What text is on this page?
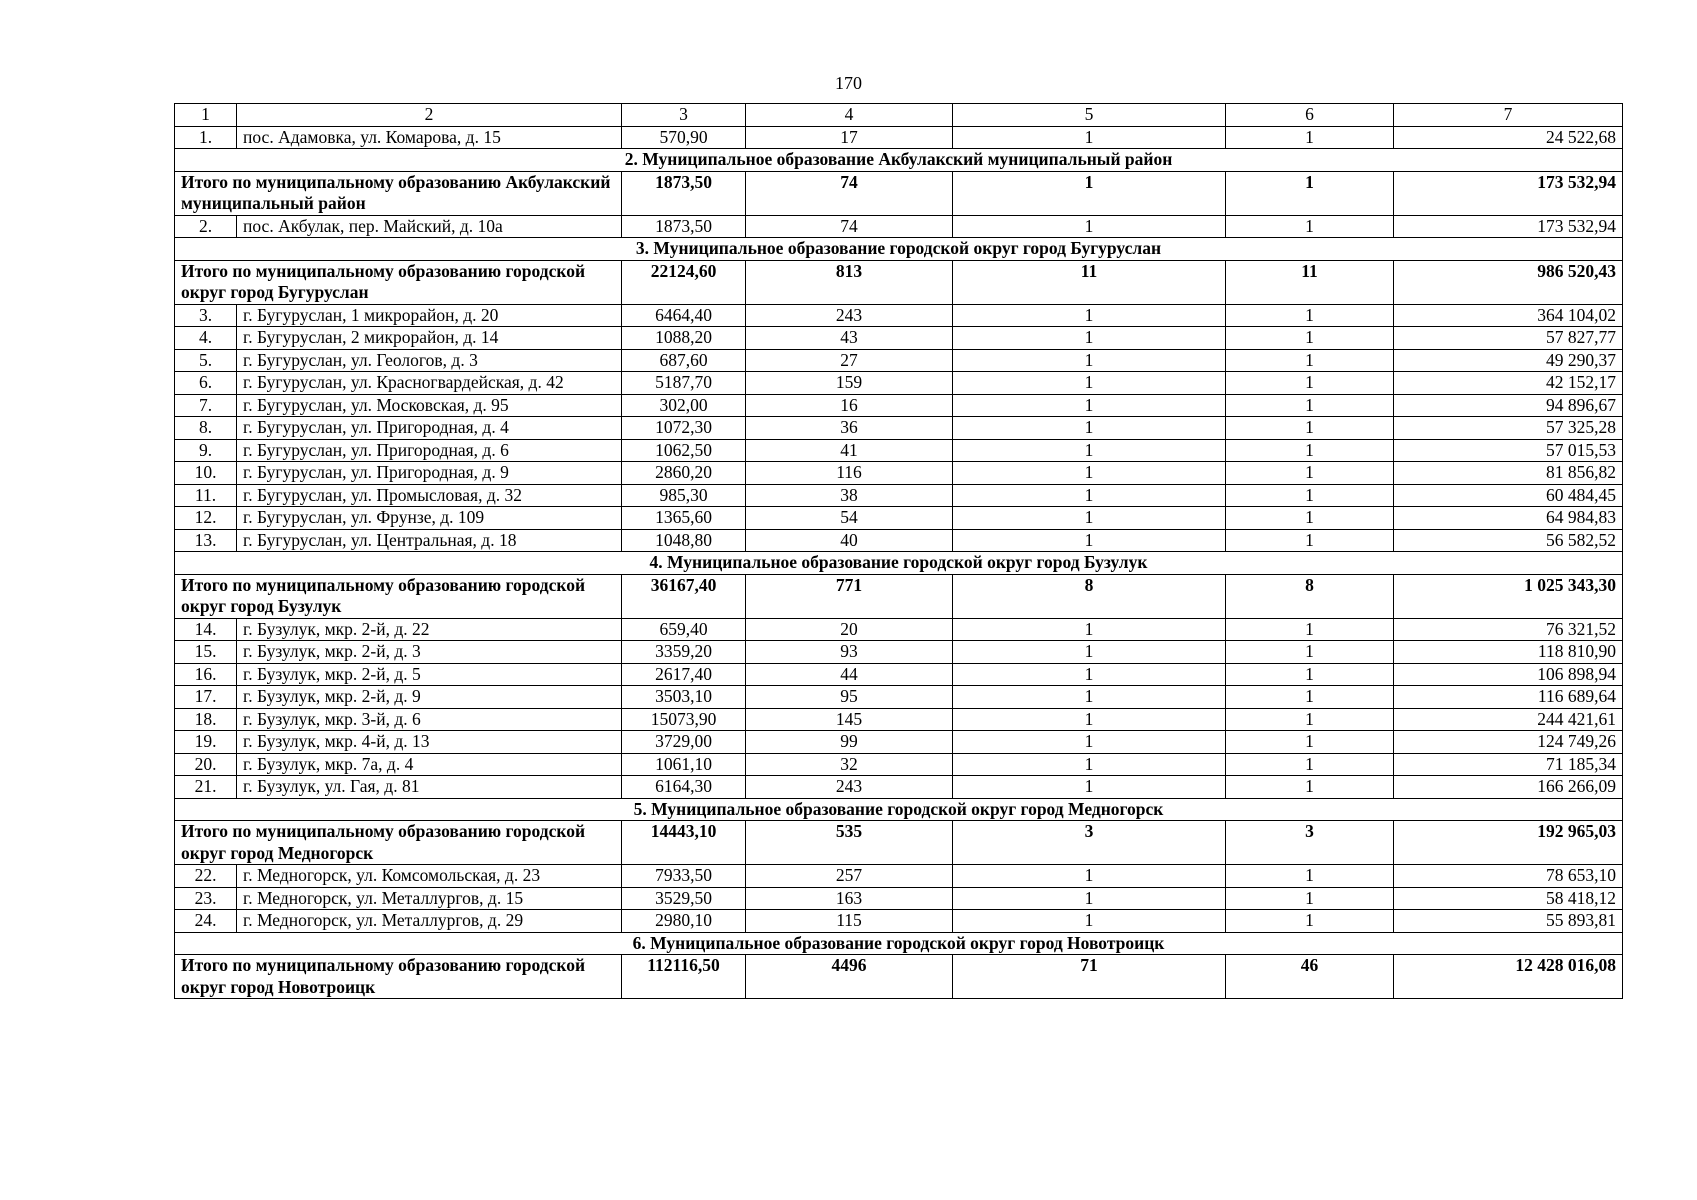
170
1	2	3	4	5	6	7
1.	пос. Адамовка, ул. Комарова, д. 15	570,90	17	1	1	24 522,68
2. Муниципальное образование Акбулакский муниципальный район						
Итого по муниципальному образованию Акбулакский муниципальный район		1873,50	74	1	1	173 532,94
2.	пос. Акбулак, пер. Майский, д. 10а	1873,50	74	1	1	173 532,94
3. Муниципальное образование городской округ город Бугуруслан						
Итого по муниципальному образованию городской округ город Бугуруслан		22124,60	813	11	11	986 520,43
3.	г. Бугуруслан, 1 микрорайон, д. 20	6464,40	243	1	1	364 104,02
4.	г. Бугуруслан, 2 микрорайон, д. 14	1088,20	43	1	1	57 827,77
5.	г. Бугуруслан, ул. Геологов, д. 3	687,60	27	1	1	49 290,37
6.	г. Бугуруслан, ул. Красногвардейская, д. 42	5187,70	159	1	1	42 152,17
7.	г. Бугуруслан, ул. Московская, д. 95	302,00	16	1	1	94 896,67
8.	г. Бугуруслан, ул. Пригородная, д. 4	1072,30	36	1	1	57 325,28
9.	г. Бугуруслан, ул. Пригородная, д. 6	1062,50	41	1	1	57 015,53
10.	г. Бугуруслан, ул. Пригородная, д. 9	2860,20	116	1	1	81 856,82
11.	г. Бугуруслан, ул. Промысловая, д. 32	985,30	38	1	1	60 484,45
12.	г. Бугуруслан, ул. Фрунзе, д. 109	1365,60	54	1	1	64 984,83
13.	г. Бугуруслан, ул. Центральная, д. 18	1048,80	40	1	1	56 582,52
4. Муниципальное образование городской округ город Бузулук						
Итого по муниципальному образованию городской округ город Бузулук		36167,40	771	8	8	1 025 343,30
14.	г. Бузулук, мкр. 2-й, д. 22	659,40	20	1	1	76 321,52
15.	г. Бузулук, мкр. 2-й, д. 3	3359,20	93	1	1	118 810,90
16.	г. Бузулук, мкр. 2-й, д. 5	2617,40	44	1	1	106 898,94
17.	г. Бузулук, мкр. 2-й, д. 9	3503,10	95	1	1	116 689,64
18.	г. Бузулук, мкр. 3-й, д. 6	15073,90	145	1	1	244 421,61
19.	г. Бузулук, мкр. 4-й, д. 13	3729,00	99	1	1	124 749,26
20.	г. Бузулук, мкр. 7а, д. 4	1061,10	32	1	1	71 185,34
21.	г. Бузулук, ул. Гая, д. 81	6164,30	243	1	1	166 266,09
5. Муниципальное образование городской округ город Медногорск						
Итого по муниципальному образованию городской округ город Медногорск		14443,10	535	3	3	192 965,03
22.	г. Медногорск, ул. Комсомольская, д. 23	7933,50	257	1	1	78 653,10
23.	г. Медногорск, ул. Металлургов, д. 15	3529,50	163	1	1	58 418,12
24.	г. Медногорск, ул. Металлургов, д. 29	2980,10	115	1	1	55 893,81
6. Муниципальное образование городской округ город Новотроицк						
Итого по муниципальному образованию городской округ город Новотроицк		112116,50	4496	71	46	12 428 016,08
